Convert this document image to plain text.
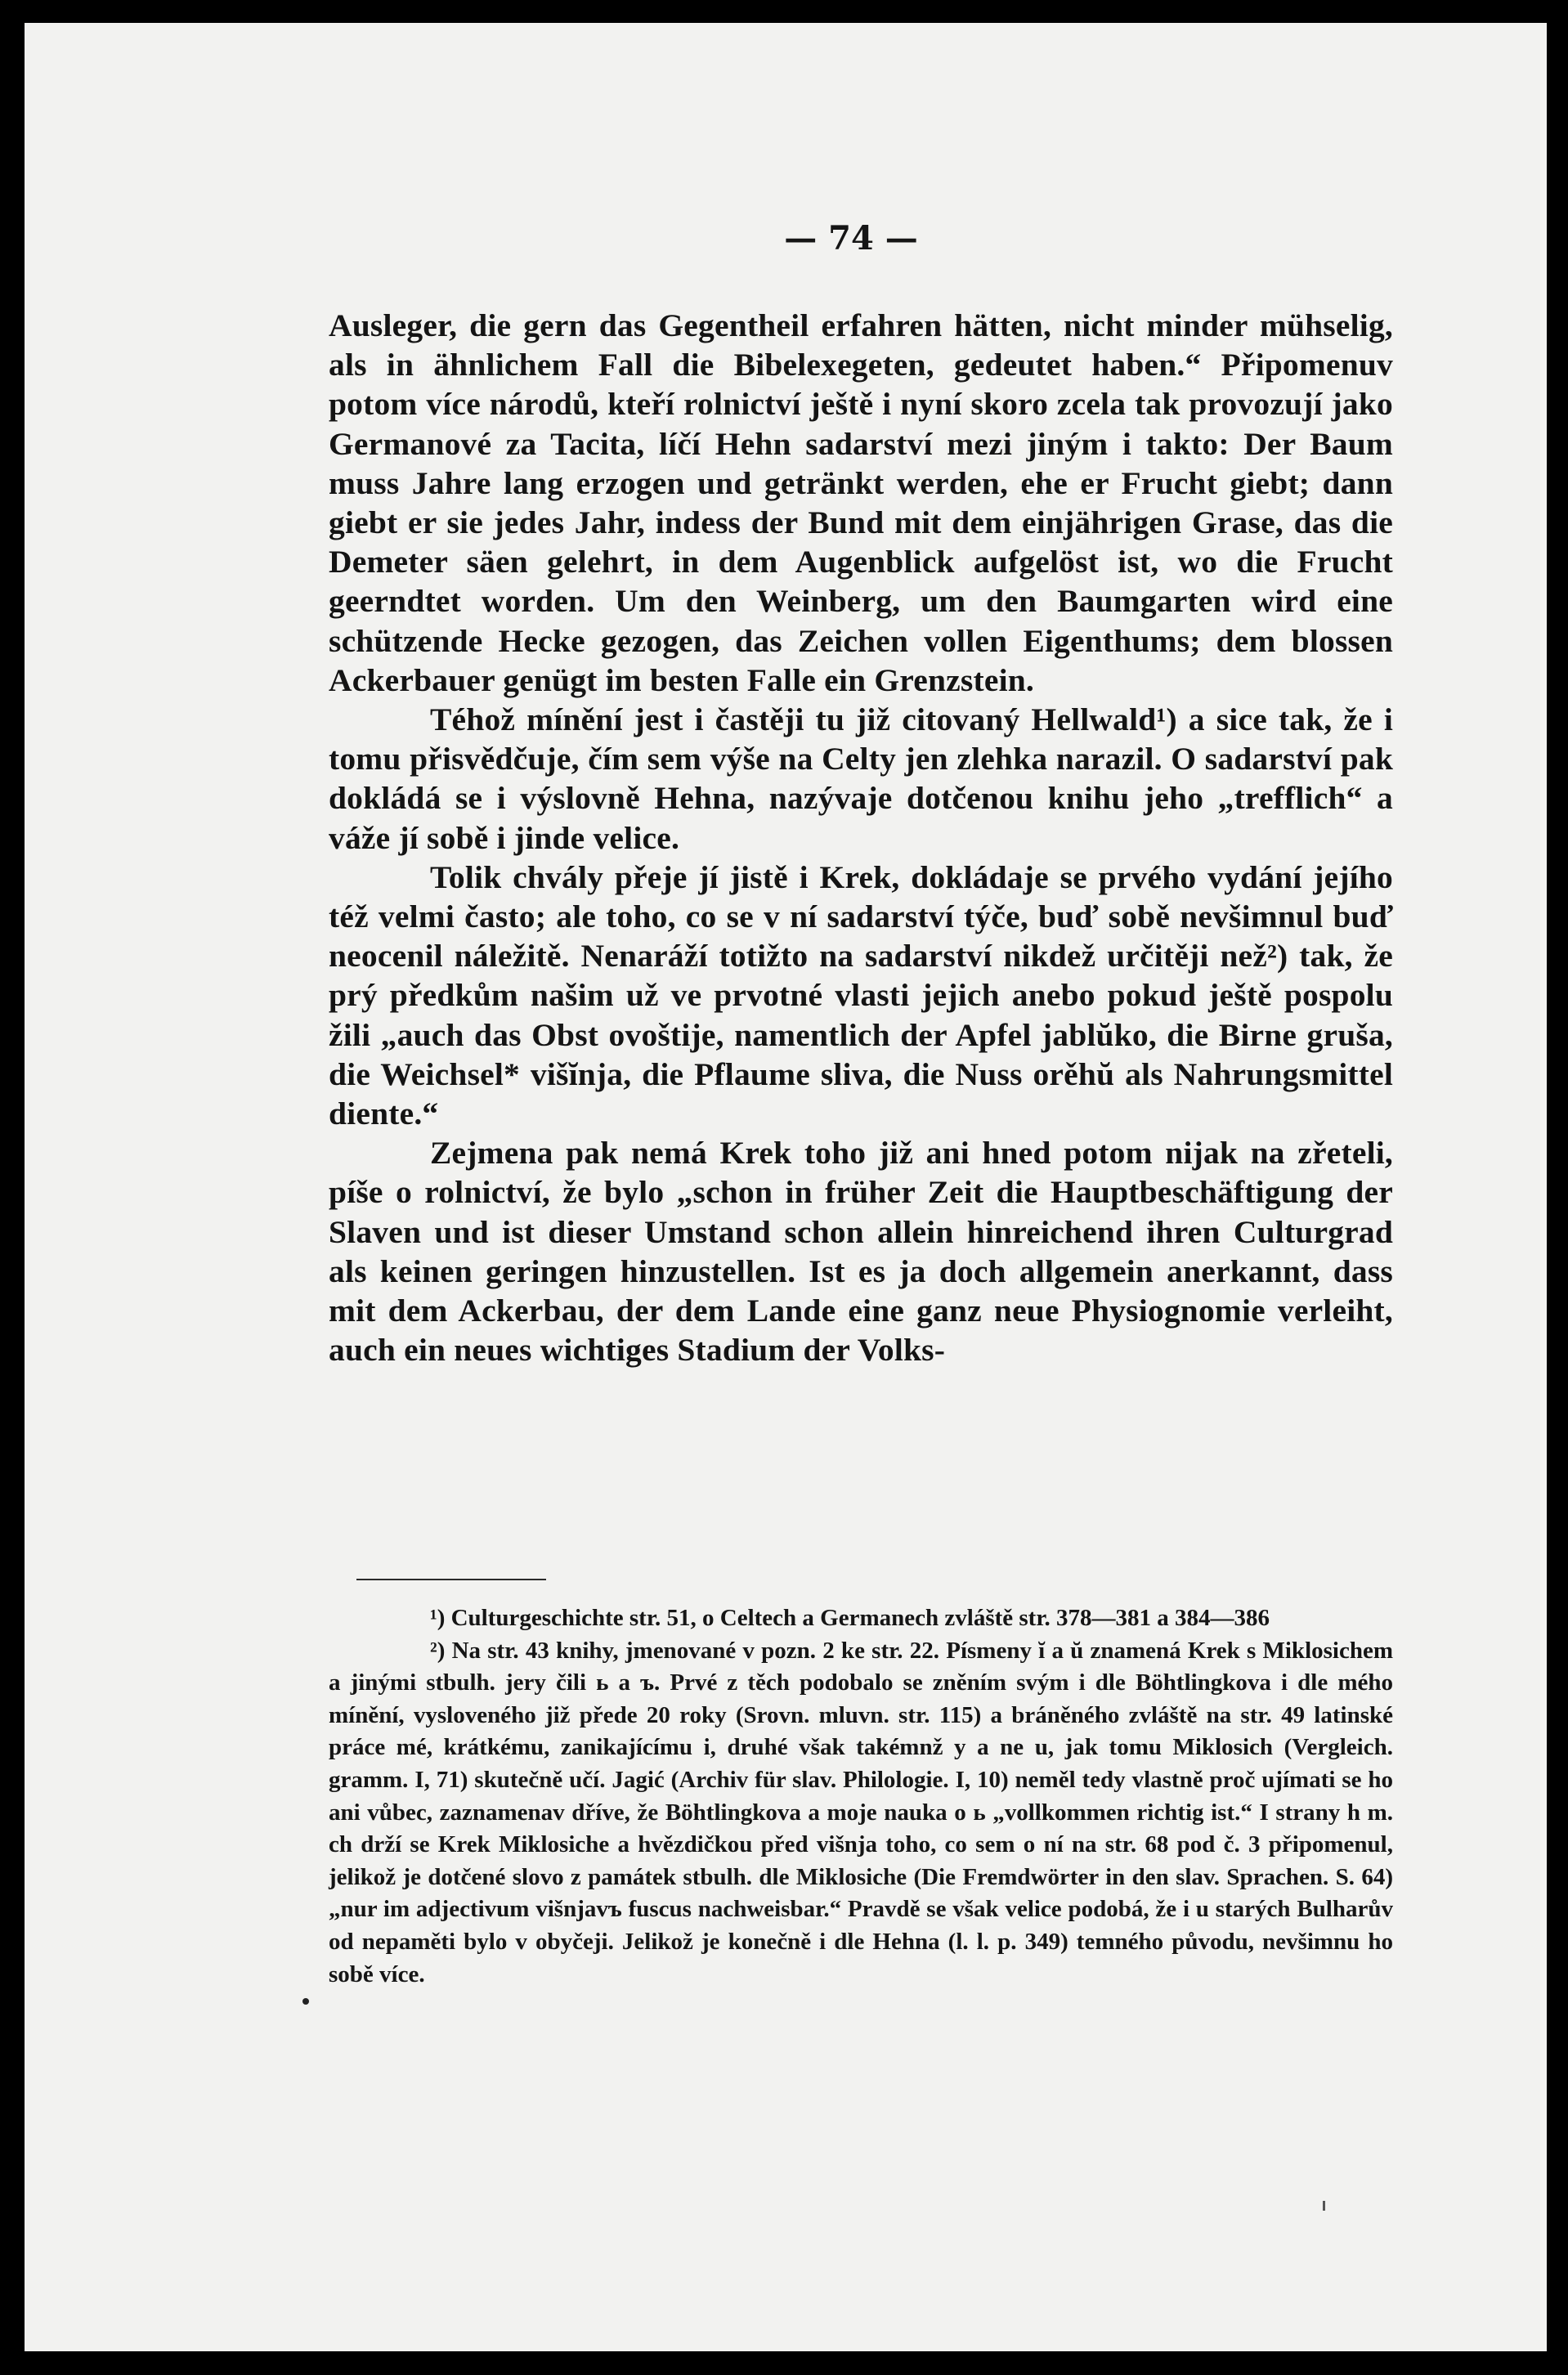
— 74 —

Ausleger, die gern das Gegentheil erfahren hätten, nicht minder mühselig, als in ähnlichem Fall die Bibelexegeten, gedeutet haben.“ Připomenuv potom více národů, kteří rolnictví ještě i nyní skoro zcela tak provozují jako Germanové za Tacita, líčí Hehn sadarství mezi jiným i takto: Der Baum muss Jahre lang erzogen und getränkt werden, ehe er Frucht giebt; dann giebt er sie jedes Jahr, indess der Bund mit dem einjährigen Grase, das die Demeter säen gelehrt, in dem Augenblick aufgelöst ist, wo die Frucht geerndtet worden. Um den Weinberg, um den Baumgarten wird eine schützende Hecke gezogen, das Zeichen vollen Eigenthums; dem blossen Ackerbauer genügt im besten Falle ein Grenzstein.

Téhož mínění jest i častěji tu již citovaný Hellwald¹) a sice tak, že i tomu přisvědčuje, čím sem výše na Celty jen zlehka narazil. O sadarství pak dokládá se i výslovně Hehna, nazývaje dotčenou knihu jeho „trefflich“ a váže jí sobě i jinde velice.

Tolik chvály přeje jí jistě i Krek, dokládaje se prvého vydání jejího též velmi často; ale toho, co se v ní sadarství týče, buď sobě nevšimnul buď neocenil náležitě. Nenaráží totižto na sadarství nikdež určitěji než²) tak, že prý předkům našim už ve prvotné vlasti jejich anebo pokud ještě pospolu žili „auch das Obst ovoštije, namentlich der Apfel jablŭko, die Birne gruša, die Weichsel* višĭnja, die Pflaume sliva, die Nuss orěhŭ als Nahrungsmittel diente.“

Zejmena pak nemá Krek toho již ani hned potom nijak na zřeteli, píše o rolnictví, že bylo „schon in früher Zeit die Hauptbeschäftigung der Slaven und ist dieser Umstand schon allein hinreichend ihren Culturgrad als keinen geringen hinzustellen. Ist es ja doch allgemein anerkannt, dass mit dem Ackerbau, der dem Lande eine ganz neue Physiognomie verleiht, auch ein neues wichtiges Stadium der Volks-

¹) Culturgeschichte str. 51, o Celtech a Germanech zvláště str. 378—381 a 384—386

²) Na str. 43 knihy, jmenované v pozn. 2 ke str. 22. Písmeny ĭ a ŭ znamená Krek s Miklosichem a jinými stbulh. jery čili ь a ъ. Prvé z těch podobalo se zněním svým i dle Böhtlingkova i dle mého mínění, vysloveného již přede 20 roky (Srovn. mluvn. str. 115) a bráněného zvláště na str. 49 latinské práce mé, krátkému, zanikajícímu i, druhé však takémnž y a ne u, jak tomu Miklosich (Vergleich. gramm. I, 71) skutečně učí. Jagić (Archiv für slav. Philologie. I, 10) neměl tedy vlastně proč ujímati se ho ani vůbec, zaznamenav dříve, že Böhtlingkova a moje nauka o ь „vollkommen richtig ist.“ I strany h m. ch drží se Krek Miklosiche a hvězdičkou před višnja toho, co sem o ní na str. 68 pod č. 3 připomenul, jelikož je dotčené slovo z památek stbulh. dle Miklosiche (Die Fremdwörter in den slav. Sprachen. S. 64) „nur im adjectivum višnjavъ fuscus nachweisbar.“ Pravdě se však velice podobá, že i u starých Bulharův od nepaměti bylo v obyčeji. Jelikož je konečně i dle Hehna (l. l. p. 349) temného původu, nevšimnu ho sobě více.
